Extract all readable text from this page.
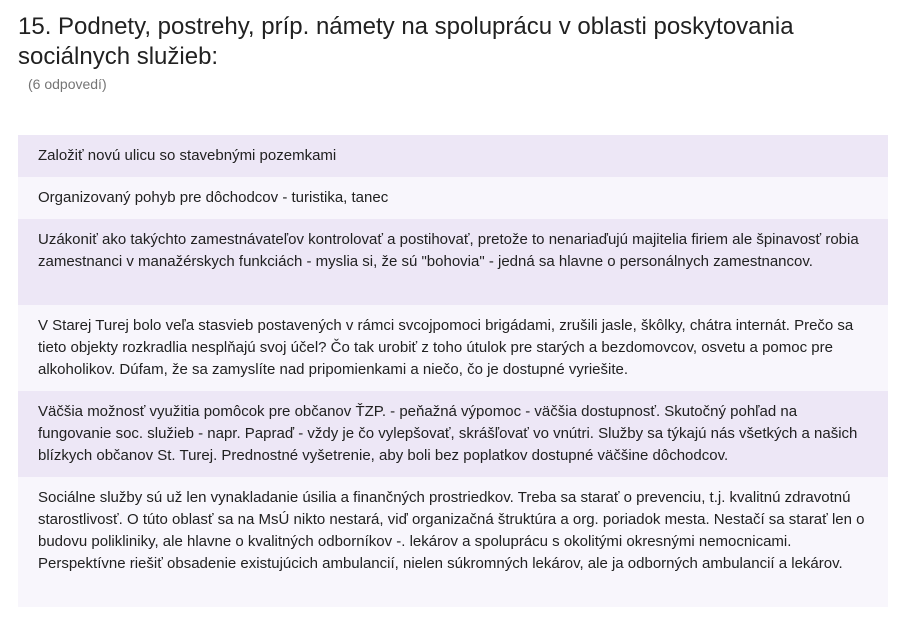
15. Podnety, postrehy, príp. námety na spoluprácu v oblasti poskytovania sociálnych služieb:
(6 odpovedí)
Založiť novú ulicu so stavebnými pozemkami
Organizovaný pohyb pre dôchodcov - turistika, tanec
Uzákoniť ako takýchto zamestnávateľov kontrolovať a postihovať, pretože to nenariaďujú majitelia firiem ale špinavosť robia zamestnanci v manažérskych funkciách - myslia si, že sú "bohovia" - jedná sa hlavne o personálnych zamestnancov.
V Starej Turej bolo veľa stasvieb postavených v rámci svcojpomoci brigádami, zrušili jasle, škôlky, chátra internát. Prečo sa tieto objekty rozkradlia nesplňajú svoj účel? Čo tak urobiť z toho útulok pre starých a bezdomovcov, osvetu a pomoc pre alkoholikov. Dúfam, že sa zamyslíte nad pripomienkami a niečo, čo je dostupné vyriešite.
Väčšia možnosť využitia pomôcok pre občanov ŤZP. - peňažná výpomoc - väčšia dostupnosť. Skutočný pohľad na fungovanie soc. služieb - napr. Papraď - vždy je čo vylepšovať, skrášľovať vo vnútri. Služby sa týkajú nás všetkých a našich blízkych občanov St. Turej. Prednostné vyšetrenie, aby boli bez poplatkov dostupné väčšine dôchodcov.
Sociálne služby sú už len vynakladanie úsilia a finančných prostriedkov. Treba sa starať o prevenciu, t.j. kvalitnú zdravotnú starostlivosť. O túto oblasť sa na MsÚ nikto nestará, viď organizačná štruktúra a org. poriadok mesta. Nestačí sa starať len o budovu polikliniky, ale hlavne o kvalitných odborníkov -. lekárov a spoluprácu s okolitými okresnými nemocnicami. Perspektívne riešiť obsadenie existujúcich ambulancií, nielen súkromných lekárov, ale ja odborných ambulancií a lekárov.
